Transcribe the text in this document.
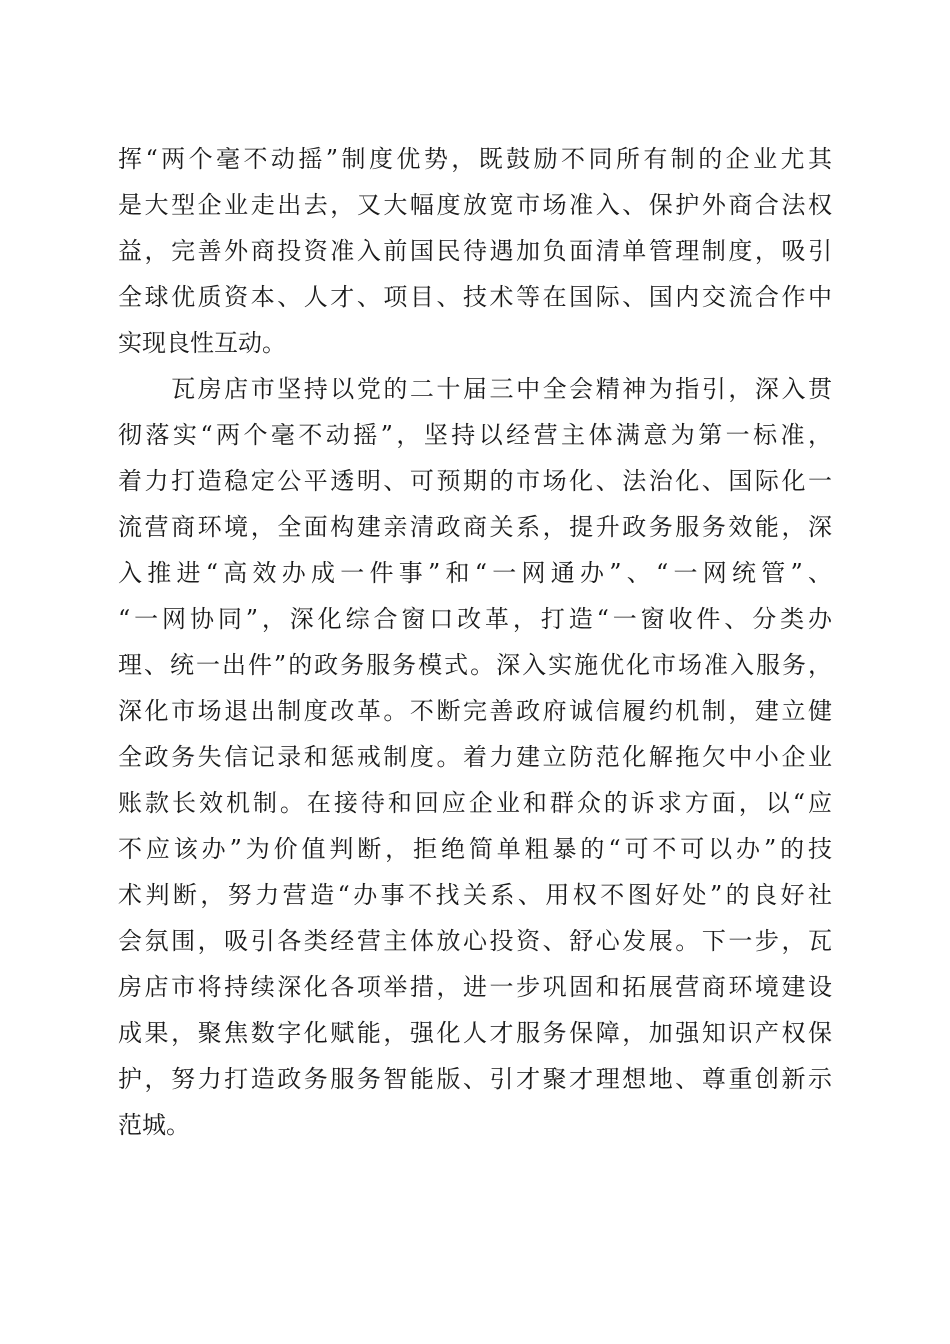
挥“两个毫不动摇”制度优势，既鼓励不同所有制的企业尤其
是大型企业走出去，又大幅度放宽市场准入、保护外商合法权
益，完善外商投资准入前国民待遇加负面清单管理制度，吸引
全球优质资本、人才、项目、技术等在国际、国内交流合作中
实现良性互动。
　　瓦房店市坚持以党的二十届三中全会精神为指引，深入贯
彻落实“两个毫不动摇”，坚持以经营主体满意为第一标准，
着力打造稳定公平透明、可预期的市场化、法治化、国际化一
流营商环境，全面构建亲清政商关系，提升政务服务效能，深
入推进“高效办成一件事”和“一网通办”、“一网统管”、
“一网协同”，深化综合窗口改革，打造“一窗收件、分类办
理、统一出件”的政务服务模式。深入实施优化市场准入服务，
深化市场退出制度改革。不断完善政府诚信履约机制，建立健
全政务失信记录和惩戒制度。着力建立防范化解拖欠中小企业
账款长效机制。在接待和回应企业和群众的诉求方面，以“应
不应该办”为价值判断，拒绝简单粗暴的“可不可以办”的技
术判断，努力营造“办事不找关系、用权不图好处”的良好社
会氛围，吸引各类经营主体放心投资、舒心发展。下一步，瓦
房店市将持续深化各项举措，进一步巩固和拓展营商环境建设
成果，聚焦数字化赋能，强化人才服务保障，加强知识产权保
护，努力打造政务服务智能版、引才聚才理想地、尊重创新示
范城。
